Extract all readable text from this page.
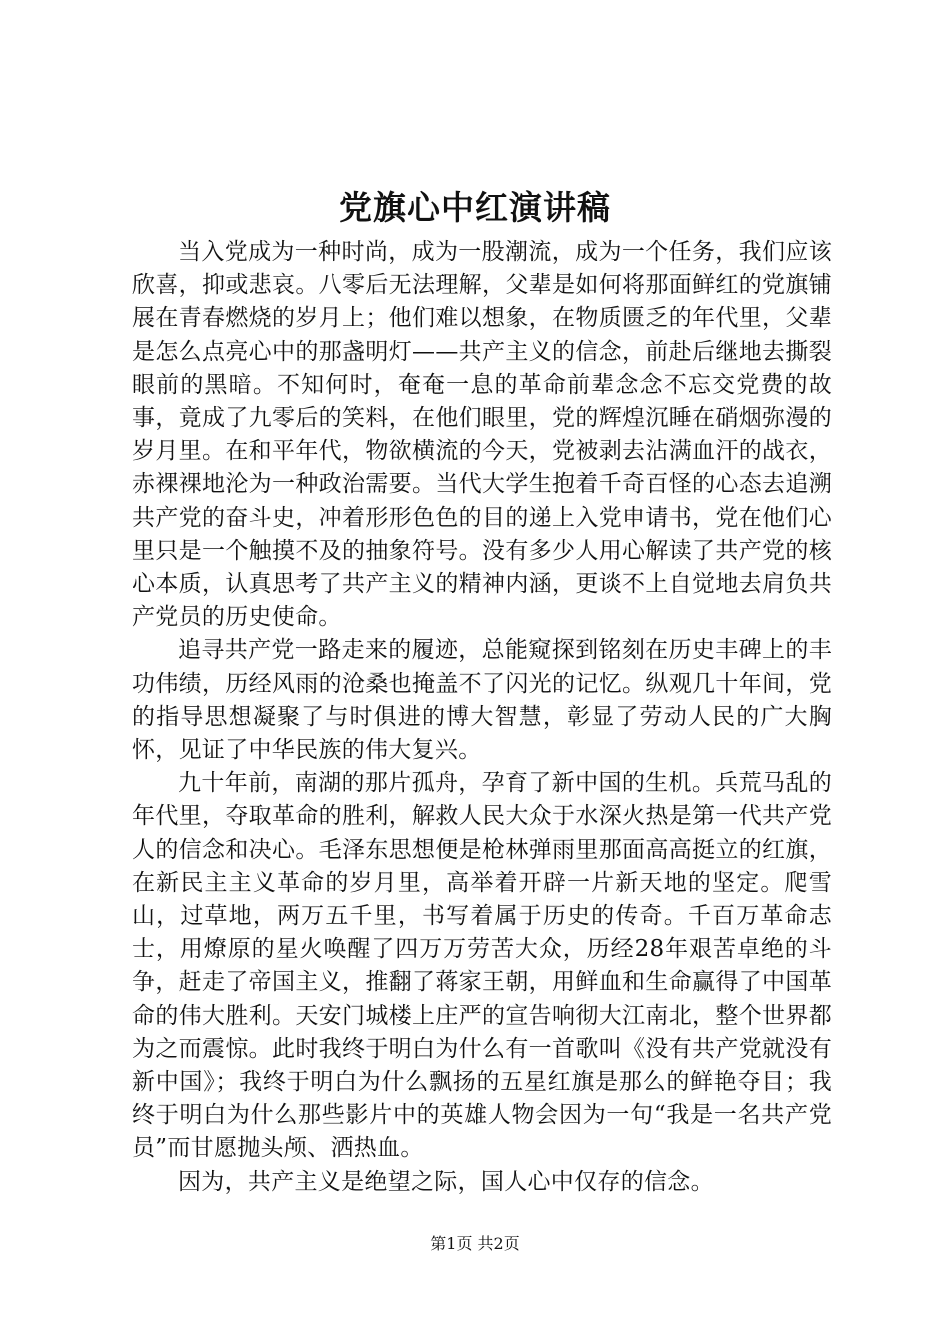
党旗心中红演讲稿

当入党成为一种时尚，成为一股潮流，成为一个任务，我们应该欣喜，抑或悲哀。八零后无法理解，父辈是如何将那面鲜红的党旗铺展在青春燃烧的岁月上；他们难以想象，在物质匮乏的年代里，父辈是怎么点亮心中的那盏明灯——共产主义的信念，前赴后继地去撕裂眼前的黑暗。不知何时，奄奄一息的革命前辈念念不忘交党费的故事，竟成了九零后的笑料，在他们眼里，党的辉煌沉睡在硝烟弥漫的岁月里。在和平年代，物欲横流的今天，党被剥去沾满血汗的战衣，赤裸裸地沦为一种政治需要。当代大学生抱着千奇百怪的心态去追溯共产党的奋斗史，冲着形形色色的目的递上入党申请书，党在他们心里只是一个触摸不及的抽象符号。没有多少人用心解读了共产党的核心本质，认真思考了共产主义的精神内涵，更谈不上自觉地去肩负共产党员的历史使命。

追寻共产党一路走来的履迹，总能窥探到铭刻在历史丰碑上的丰功伟绩，历经风雨的沧桑也掩盖不了闪光的记忆。纵观几十年间，党的指导思想凝聚了与时俱进的博大智慧，彰显了劳动人民的广大胸怀，见证了中华民族的伟大复兴。

九十年前，南湖的那片孤舟，孕育了新中国的生机。兵荒马乱的年代里，夺取革命的胜利，解救人民大众于水深火热是第一代共产党人的信念和决心。毛泽东思想便是枪林弹雨里那面高高挺立的红旗，在新民主主义革命的岁月里，高举着开辟一片新天地的坚定。爬雪山，过草地，两万五千里，书写着属于历史的传奇。千百万革命志士，用燎原的星火唤醒了四万万劳苦大众，历经28年艰苦卓绝的斗争，赶走了帝国主义，推翻了蒋家王朝，用鲜血和生命赢得了中国革命的伟大胜利。天安门城楼上庄严的宣告响彻大江南北，整个世界都为之而震惊。此时我终于明白为什么有一首歌叫《没有共产党就没有新中国》；我终于明白为什么飘扬的五星红旗是那么的鲜艳夺目；我终于明白为什么那些影片中的英雄人物会因为一句“我是一名共产党员”而甘愿抛头颅、洒热血。

因为，共产主义是绝望之际，国人心中仅存的信念。

第1页 共2页
